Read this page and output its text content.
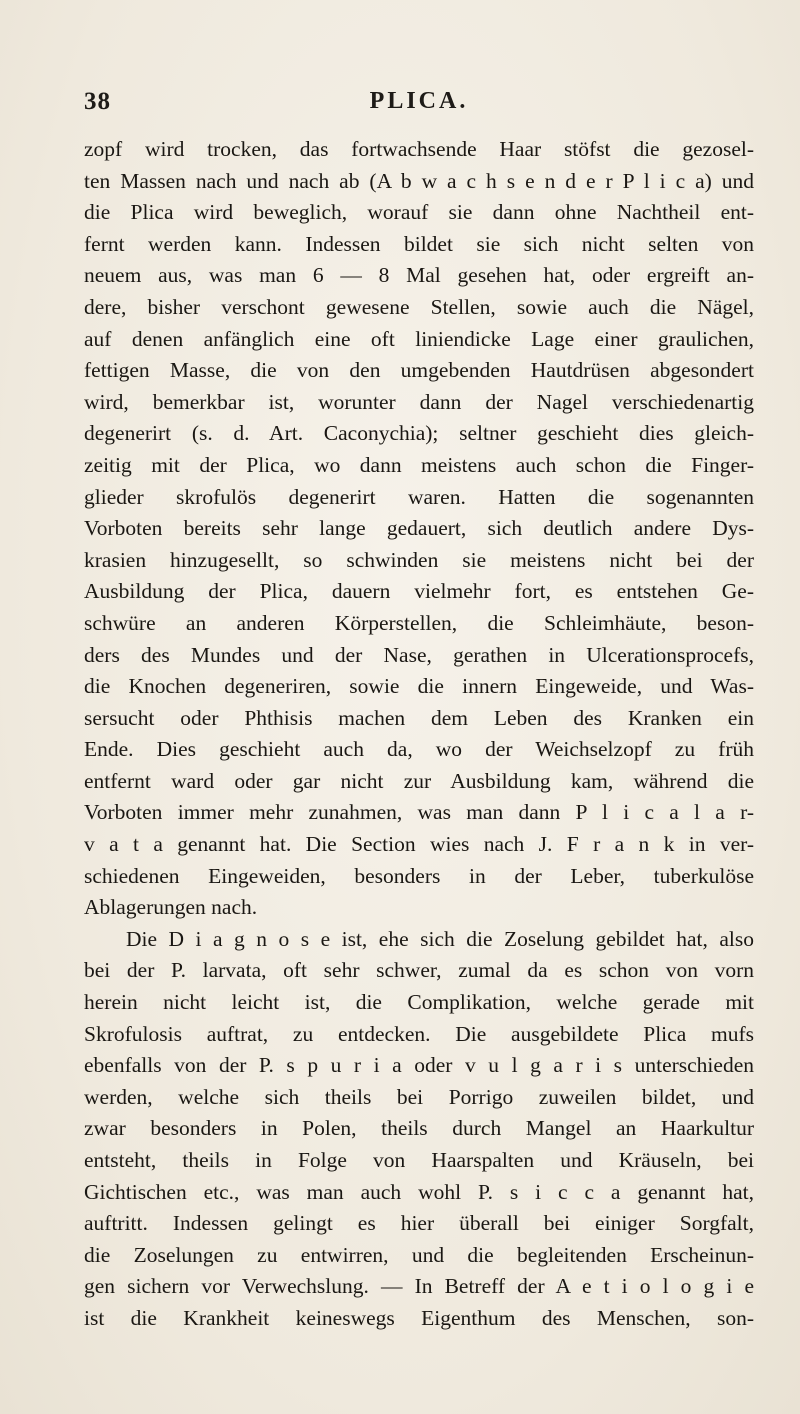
38	PLICA.
zopf wird trocken, das fortwachsende Haar stöfst die gezosel-
ten Massen nach und nach ab (A b w a c h s e n d e r P l i c a) und
die Plica wird beweglich, worauf sie dann ohne Nachtheil ent-
fernt werden kann. Indessen bildet sie sich nicht selten von
neuem aus, was man 6 — 8 Mal gesehen hat, oder ergreift an-
dere, bisher verschont gewesene Stellen, sowie auch die Nägel,
auf denen anfänglich eine oft liniendicke Lage einer graulichen,
fettigen Masse, die von den umgebenden Hautdrüsen abgesondert
wird, bemerkbar ist, worunter dann der Nagel verschiedenartig
degenerirt (s. d. Art. Caconychia); seltner geschieht dies gleich-
zeitig mit der Plica, wo dann meistens auch schon die Finger-
glieder skrofulös degenerirt waren. Hatten die sogenannten
Vorboten bereits sehr lange gedauert, sich deutlich andere Dys-
krasien hinzugesellt, so schwinden sie meistens nicht bei der
Ausbildung der Plica, dauern vielmehr fort, es entstehen Ge-
schwüre an anderen Körperstellen, die Schleimhäute, beson-
ders des Mundes und der Nase, gerathen in Ulcerationsprocefs,
die Knochen degeneriren, sowie die innern Eingeweide, und Was-
sersucht oder Phthisis machen dem Leben des Kranken ein
Ende. Dies geschieht auch da, wo der Weichselzopf zu früh
entfernt ward oder gar nicht zur Ausbildung kam, während die
Vorboten immer mehr zunahmen, was man dann P l i c a l a r-
v a t a genannt hat. Die Section wies nach J. F r a n k in ver-
schiedenen Eingeweiden, besonders in der Leber, tuberkulöse
Ablagerungen nach.
Die D i a g n o s e ist, ehe sich die Zoselung gebildet hat, also
bei der P. larvata, oft sehr schwer, zumal da es schon von vorn
herein nicht leicht ist, die Complikation, welche gerade mit
Skrofulosis auftrat, zu entdecken. Die ausgebildete Plica mufs
ebenfalls von der P. s p u r i a oder v u l g a r i s unterschieden
werden, welche sich theils bei Porrigo zuweilen bildet, und
zwar besonders in Polen, theils durch Mangel an Haarkultur
entsteht, theils in Folge von Haarspalten und Kräuseln, bei
Gichtischen etc., was man auch wohl P. s i c c a genannt hat,
auftritt. Indessen gelingt es hier überall bei einiger Sorgfalt,
die Zoselungen zu entwirren, und die begleitenden Erscheinun-
gen sichern vor Verwechslung. — In Betreff der A e t i o l o g i e
ist die Krankheit keineswegs Eigenthum des Menschen, son-
